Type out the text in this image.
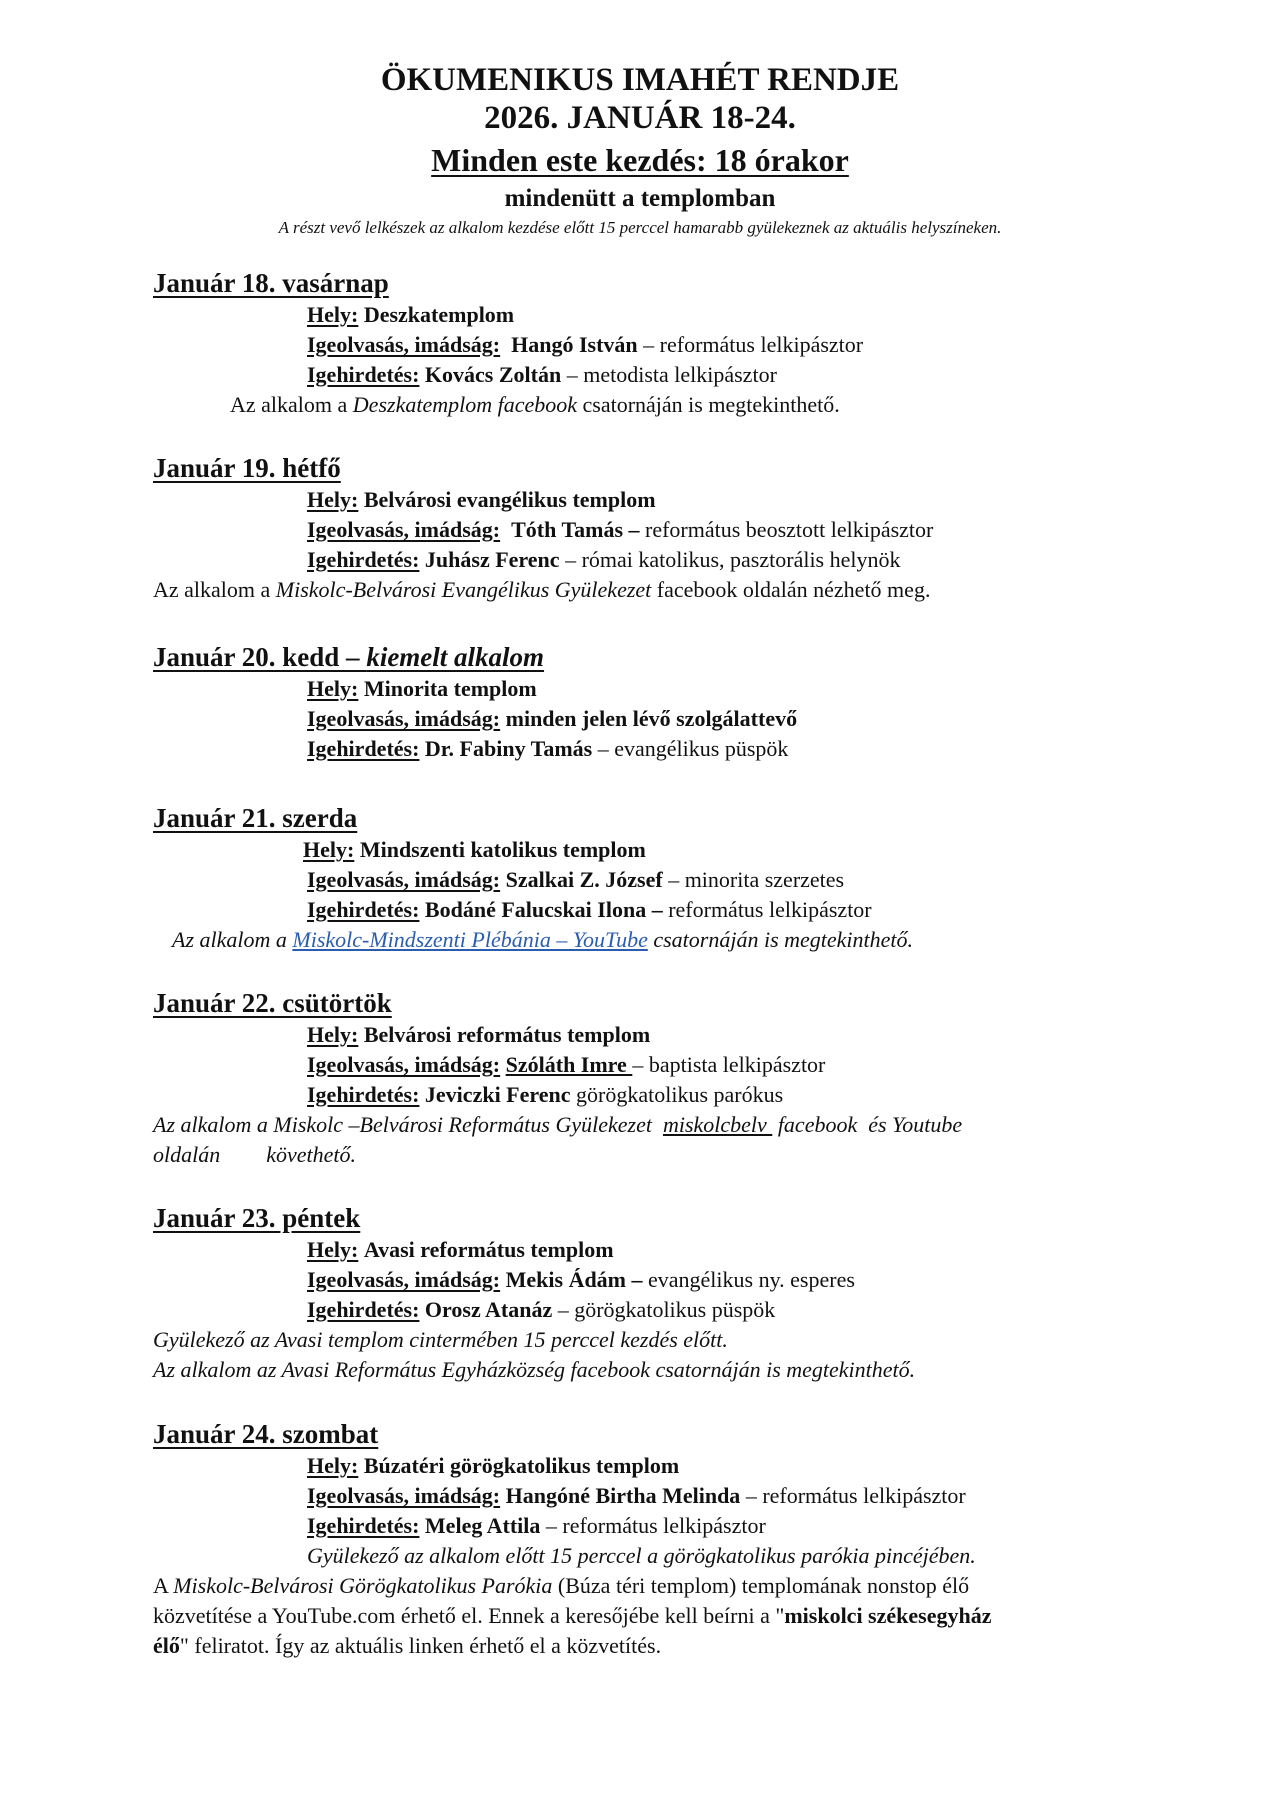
ÖKUMENIKUS IMAHÉT RENDJE
2026. JANUÁR 18-24.
Minden este kezdés: 18 órakor
mindenütt a templomban
A részt vevő lelkészek az alkalom kezdése előtt 15 perccel hamarabb gyülekeznek az aktuális helyszíneken.
Január 18. vasárnap
Hely: Deszkatemplom
Igeolvasás, imádság: Hangó István – református lelkipásztor
Igehirdetés: Kovács Zoltán – metodista lelkipásztor
Az alkalom a Deszkatemplom facebook csatornáján is megtekinthető.
Január 19. hétfő
Hely: Belvárosi evangélikus templom
Igeolvasás, imádság: Tóth Tamás – református beosztott lelkipásztor
Igehirdetés: Juhász Ferenc – római katolikus, pasztorális helynök
Az alkalom a Miskolc-Belvárosi Evangélikus Gyülekezet facebook oldalán nézhető meg.
Január 20. kedd – kiemelt alkalom
Hely: Minorita templom
Igeolvasás, imádság: minden jelen lévő szolgálattevő
Igehirdetés: Dr. Fabiny Tamás – evangélikus püspök
Január 21. szerda
Hely: Mindszenti katolikus templom
Igeolvasás, imádság: Szalkai Z. József – minorita szerzetes
Igehirdetés: Bodáné Falucskai Ilona – református lelkipásztor
Az alkalom a Miskolc-Mindszenti Plébánia – YouTube csatornáján is megtekinthető.
Január 22. csütörtök
Hely: Belvárosi református templom
Igeolvasás, imádság: Szóláth Imre – baptista lelkipásztor
Igehirdetés: Jeviczki Ferenc görögkatolikus parókus
Az alkalom a Miskolc –Belvárosi Református Gyülekezet  miskolcbelv  facebook  és Youtube
oldalán követhető.
Január 23. péntek
Hely: Avasi református templom
Igeolvasás, imádság: Mekis Ádám – evangélikus ny. esperes
Igehirdetés: Orosz Atanáz – görögkatolikus püspök
Gyülekező az Avasi templom cintermében 15 perccel kezdés előtt.
Az alkalom az Avasi Református Egyházközség facebook csatornáján is megtekinthető.
Január 24. szombat
Hely: Búzatéri görögkatolikus templom
Igeolvasás, imádság: Hangóné Birtha Melinda – református lelkipásztor
Igehirdetés: Meleg Attila – református lelkipásztor
Gyülekező az alkalom előtt 15 perccel a görögkatolikus parókia pincéjében.
A Miskolc-Belvárosi Görögkatolikus Parókia (Búza téri templom) templomának nonstop élő
közvetítése a YouTube.com érhető el. Ennek a keresőjébe kell beírni a "miskolci székesegyház
élő" feliratot. Így az aktuális linken érhető el a közvetítés.
